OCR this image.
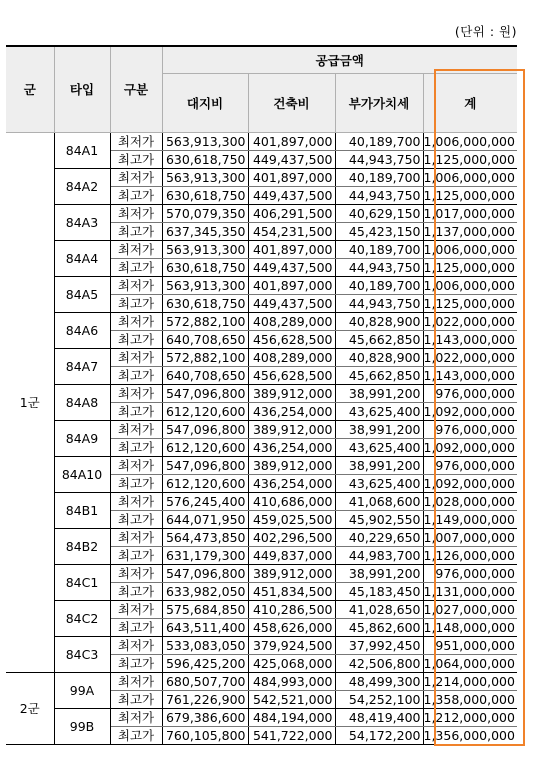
(단위 : 원)
군	타입	구분	공급금액			
			대지비	건축비	부가가치세	계
1군	84A1	최저가	563,913,300	401,897,000	40,189,700	1,006,000,000
		최고가	630,618,750	449,437,500	44,943,750	1,125,000,000
	84A2	최저가	563,913,300	401,897,000	40,189,700	1,006,000,000
		최고가	630,618,750	449,437,500	44,943,750	1,125,000,000
	84A3	최저가	570,079,350	406,291,500	40,629,150	1,017,000,000
		최고가	637,345,350	454,231,500	45,423,150	1,137,000,000
	84A4	최저가	563,913,300	401,897,000	40,189,700	1,006,000,000
		최고가	630,618,750	449,437,500	44,943,750	1,125,000,000
	84A5	최저가	563,913,300	401,897,000	40,189,700	1,006,000,000
		최고가	630,618,750	449,437,500	44,943,750	1,125,000,000
	84A6	최저가	572,882,100	408,289,000	40,828,900	1,022,000,000
		최고가	640,708,650	456,628,500	45,662,850	1,143,000,000
	84A7	최저가	572,882,100	408,289,000	40,828,900	1,022,000,000
		최고가	640,708,650	456,628,500	45,662,850	1,143,000,000
	84A8	최저가	547,096,800	389,912,000	38,991,200	976,000,000
		최고가	612,120,600	436,254,000	43,625,400	1,092,000,000
	84A9	최저가	547,096,800	389,912,000	38,991,200	976,000,000
		최고가	612,120,600	436,254,000	43,625,400	1,092,000,000
	84A10	최저가	547,096,800	389,912,000	38,991,200	976,000,000
		최고가	612,120,600	436,254,000	43,625,400	1,092,000,000
	84B1	최저가	576,245,400	410,686,000	41,068,600	1,028,000,000
		최고가	644,071,950	459,025,500	45,902,550	1,149,000,000
	84B2	최저가	564,473,850	402,296,500	40,229,650	1,007,000,000
		최고가	631,179,300	449,837,000	44,983,700	1,126,000,000
	84C1	최저가	547,096,800	389,912,000	38,991,200	976,000,000
		최고가	633,982,050	451,834,500	45,183,450	1,131,000,000
	84C2	최저가	575,684,850	410,286,500	41,028,650	1,027,000,000
		최고가	643,511,400	458,626,000	45,862,600	1,148,000,000
	84C3	최저가	533,083,050	379,924,500	37,992,450	951,000,000
		최고가	596,425,200	425,068,000	42,506,800	1,064,000,000
2군	99A	최저가	680,507,700	484,993,000	48,499,300	1,214,000,000
		최고가	761,226,900	542,521,000	54,252,100	1,358,000,000
	99B	최저가	679,386,600	484,194,000	48,419,400	1,212,000,000
		최고가	760,105,800	541,722,000	54,172,200	1,356,000,000
